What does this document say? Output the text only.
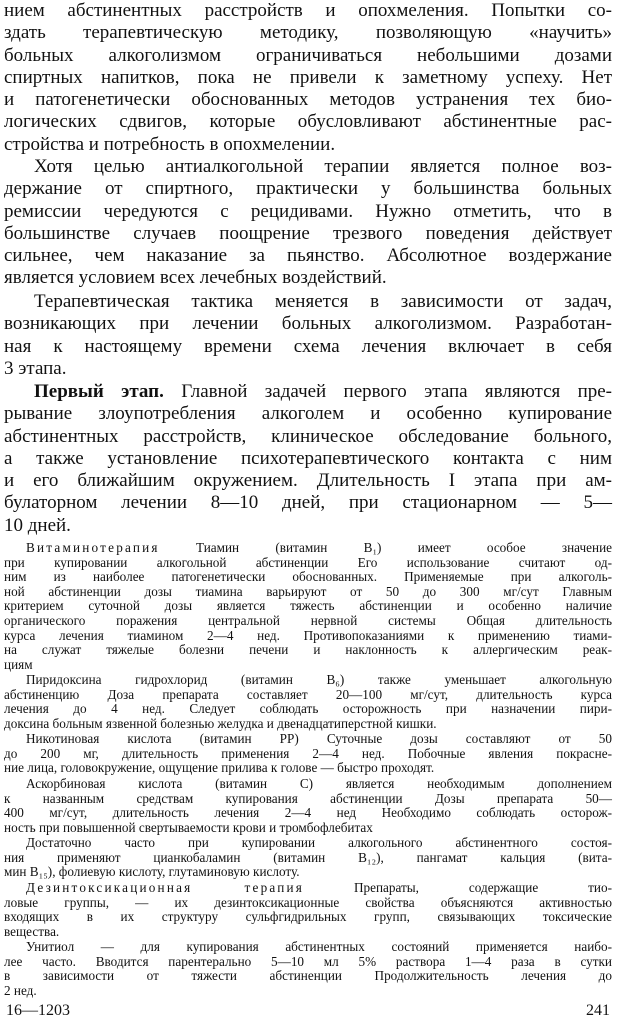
нием абстинентных расстройств и опохмеления. Попытки со-
здать терапевтическую методику, позволяющую «научить»
больных алкоголизмом ограничиваться небольшими дозами
спиртных напитков, пока не привели к заметному успеху. Нет
и патогенетически обоснованных методов устранения тех био-
логических сдвигов, которые обусловливают абстинентные рас-
стройства и потребность в опохмелении.
Хотя целью антиалкогольной терапии является полное воз-
держание от спиртного, практически у большинства больных
ремиссии чередуются с рецидивами. Нужно отметить, что в
большинстве случаев поощрение трезвого поведения действует
сильнее, чем наказание за пьянство. Абсолютное воздержание
является условием всех лечебных воздействий.
Терапевтическая тактика меняется в зависимости от задач,
возникающих при лечении больных алкоголизмом. Разработан-
ная к настоящему времени схема лечения включает в себя
3 этапа.
Первый этап. Главной задачей первого этапа являются пре-
рывание злоупотребления алкоголем и особенно купирование
абстинентных расстройств, клиническое обследование больного,
а также установление психотерапевтического контакта с ним
и его ближайшим окружением. Длительность I этапа при ам-
булаторном лечении 8—10 дней, при стационарном — 5—
10 дней.
Витаминотерапия Тиамин (витамин B₁) имеет особое значение
при купировании алкогольной абстиненции Его использование считают од-
ним из наиболее патогенетически обоснованных. Применяемые при алкоголь-
ной абстиненции дозы тиамина варьируют от 50 до 300 мг/сут Главным
критерием суточной дозы является тяжесть абстиненции и особенно наличие
органического поражения центральной нервной системы Общая длительность
курса лечения тиамином 2—4 нед. Противопоказаниями к применению тиами-
на служат тяжелые болезни печени и наклонность к аллергическим реак-
циям
Пиридоксина гидрохлорид (витамин B₆) также уменьшает алкогольную
абстиненцию Доза препарата составляет 20—100 мг/сут, длительность курса
лечения до 4 нед. Следует соблюдать осторожность при назначении пири-
доксина больным язвенной болезнью желудка и двенадцатиперстной кишки.
Никотиновая кислота (витамин PP) Суточные дозы составляют от 50
до 200 мг, длительность применения 2—4 нед. Побочные явления покрасне-
ние лица, головокружение, ощущение прилива к голове — быстро проходят.
Аскорбиновая кислота (витамин C) является необходимым дополнением
к названным средствам купирования абстиненции Дозы препарата 50—
400 мг/сут, длительность лечения 2—4 нед Необходимо соблюдать осторож-
ность при повышенной свертываемости крови и тромбофлебитах
Достаточно часто при купировании алкогольного абстинентного состоя-
ния применяют цианкобаламин (витамин B₁₂), пангамат кальция (вита-
мин B₁₅), фолиевую кислоту, глутаминовую кислоту.
Дезинтоксикационная терапия Препараты, содержащие тио-
ловые группы, — их дезинтоксикационные свойства объясняются активностью
входящих в их структуру сульфгидрильных групп, связывающих токсические
вещества.
Унитиол — для купирования абстинентных состояний применяется наибо-
лее часто. Вводится парентерально 5—10 мл 5% раствора 1—4 раза в сутки
в зависимости от тяжести абстиненции Продолжительность лечения до
2 нед.
16—1203	241
